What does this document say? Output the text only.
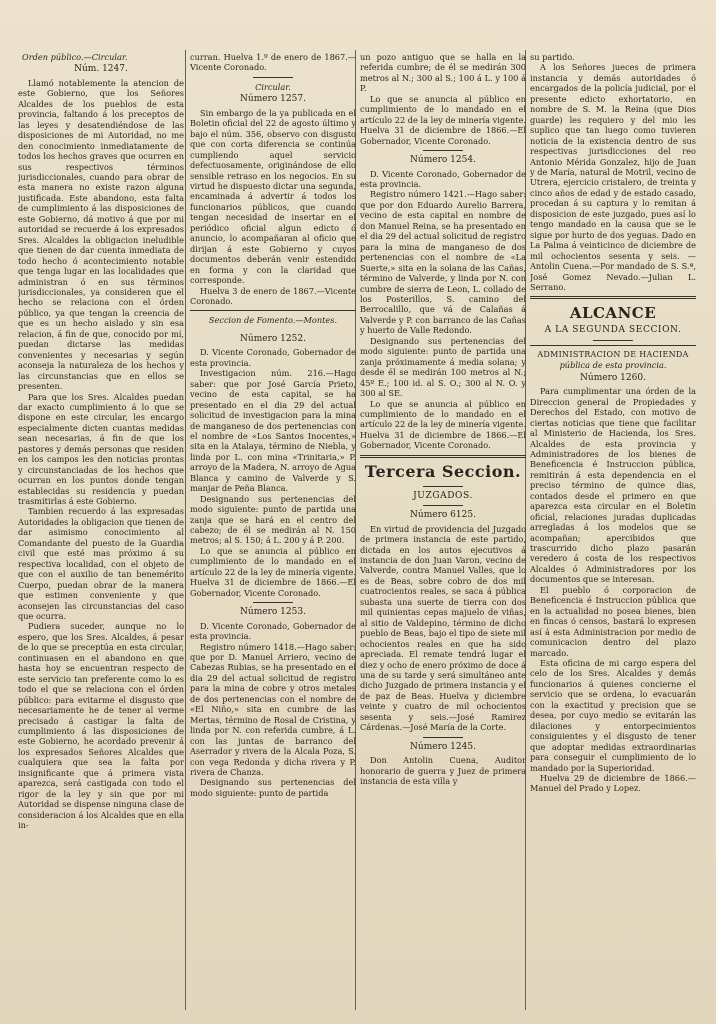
Orden público.—Circular.

Núm. 1247.

Llamó notablemente la atencion de este Gobierno, que los Señores Alcaldes de los pueblos de esta provincia, faltando á los preceptos de las leyes y desatendiéndose de las disposiciones de mi Autoridad, no me den conocimiento inmediatamente de todos los hechos graves que ocurren en sus respectivos términos jurisdiccionales, cuando para obrar de esta manera no existe razon alguna justificada. Este abandono, esta falta de cumplimiento á las disposiciones de este Gobierno, dá motivo á que por mi autoridad se recuerde á los expresados Sres. Alcaldes la obligacion ineludible que tienen de dar cuenta inmediata de todo hecho ó acontecimiento notable que tenga lugar en las localidades que administran ó en sus términos jurisdiccionales, ya consideren que el hecho se relaciona con el órden público, ya que tengan la creencia de que es un hecho aislado y sin esa relacion, á fin de que, conocido por mí, puedan dictarse las medidas convenientes y necesarias y según aconseja la naturaleza de los hechos y las circunstancias que en ellos se presenten.

Para que los Sres. Alcaldes puedan dar exacto cumplimiento á lo que se dispone en este circular, les encargo especialmente dicten cuantas medidas sean necesarias, á fin de que los pastores y demás personas que residen en los campos les den noticias prontas y circunstanciadas de los hechos que ocurran en los puntos donde tengan establecidas su residencia y puedan trasmitirlas á este Gobierno.

Tambien recuerdo á las expresadas Autoridades la obligacion que tienen de dar asimismo conocimiento al Comandante del puesto de la Guardia civil que esté mas próximo á su respectiva localidad, con el objeto de que con el auxilio de tan benemérito Cuerpo, puedan obrar de la manera que estimen conveniente y que aconsejen las circunstancias del caso que ocurra.

Pudiera suceder, aunque no lo espero, que los Sres. Alcaldes, á pesar de lo que se preceptúa en esta circular, continuasen en el abandono en que hasta hoy se encuentran respecto de este servicio tan preferente como lo es todo el que se relaciona con el órden público: para evitarme el disgusto que necesariamente he de tener al verme precisado á castigar la falta de cumplimiento á las disposiciones de este Gobierno, he acordado prevenir á los expresados Señores Alcaldes que cualquiera que sea la falta por insignificante que á primera vista aparezca, será castigada con todo el rigor de la ley y sin que por mi Autoridad se dispense ninguna clase de consideracion á los Alcaldes que en ella in-

curran. Huelva 1.º de enero de 1867.—Vicente Coronado.

Circular.
Número 1257.

Sin embargo de la ya publicada en el Boletin oficial del 22 de agosto último y bajo el núm. 356, observo con disgusto que con corta diferencia se continúa cumpliendo aquel servicio defectuosamente, originándose de ello sensible retraso en los negocios. En su virtud he dispuesto dictar una segunda, encaminada á advertir á todos los funcionarios públicos, que cuando tengan necesidad de insertar en el periódico oficial algun edicto ó anuncio, lo acompañaran al oficio que dirijan á este Gobierno y cuyos documentos deberán venir estendido en forma y con la claridad que corresponde.

Huelva 3 de enero de 1867.—Vicente Coronado.

Seccion de Fomento.—Montes.
Número 1252.

D. Vicente Coronado, Gobernador de esta provincia.

Investigacion núm. 216.—Hago saber: que por José García Prieto, vecino de esta capital, se ha presentado en el dia 29 del actual solicitud de investigacion para la mina de manganeso de dos pertenencias con el nombre de «Los Santos Inocentes,» sita en la Atalaya, término de Niebla, y linda por L. con mina «Trinitaria,» P. arroyo de la Madera, N. arroyo de Agua Blanca y camino de Valverde y S. manjar de Peña Blanca.

Designando sus pertenencias del modo siguiente: punto de partida una zanja que se hará en el centro del cabezo; de él se medirán al N. 150 metros; al S. 150; á L. 200 y á P. 200.

Lo que se anuncia al público en cumplimiento de lo mandado en el artículo 22 de la ley de minería vigente. Huelva 31 de diciembre de 1866.—El Gobernador, Vicente Coronado.

Número 1253.

D. Vicente Coronado, Gobernador de esta provincia.

Registro número 1418.—Hago saber: que por D. Manuel Arriero, vecino de Cabezas Rubias, se ha presentado en el dia 29 del actual solicitud de registro para la mina de cobre y otros metales de dos pertenencias con el nombre de «El Niño,» sita en cumbre de las Mertas, término de Rosal de Cristina, y linda por N. con referida cumbre, á L. con las juntas de barranco del Aserrador y rivera de la Alcala Poza, S. con vega Redonda y dicha rivera y P. rivera de Chanza.

Designando sus pertenencias del modo siguiente: punto de partida

un pozo antiguo que se halla en la referida cumbre; de él se medirán 300 metros al N.; 300 al S.; 100 á L. y 100 á P.

Lo que se anuncia al público en cumplimiento de lo mandado en el artículo 22 de la ley de minería vigente. Huelva 31 de diciembre de 1866.—El Gobernador, Vicente Coronado.

Número 1254.

D. Vicente Coronado, Gobernador de esta provincia.

Registro número 1421.—Hago saber: que por don Eduardo Aurelio Barrera, vecino de esta capital en nombre de don Manuel Reina, se ha presentado en el dia 29 del actual solicitud de registro para la mina de manganeso de dos pertenencias con el nombre de «La Suerte,» sita en la solana de las Cañas, término de Valverde, y linda por N. con cumbre de sierra de Leon, L. collado de los Posterillos, S. camino del Berrocalillo, que vá de Calañas á Valverde y P. con barranco de las Cañas y huerto de Valle Redondo.

Designando sus pertenencias del modo siguiente: punto de partida una zanja próximamente á media solana; y desde él se medirán 100 metros al N.; 45º E.; 100 id. al S. O.; 300 al N. O. y 300 al SE.

Lo que se anuncia al público en cumplimiento de lo mandado en el artículo 22 de la ley de minería vigente. Huelva 31 de diciembre de 1866.—El Gobernador, Vicente Coronado.

Tercera Seccion.
JUZGADOS.
Número 6125.

En virtud de providencia del Juzgado de primera instancia de este partido, dictada en los autos ejecutivos á instancia de don Juan Varon, vecino de Valverde, contra Manuel Valles, que lo es de Beas, sobre cobro de dos mil cuatrocientos reales, se saca á pública subasta una suerte de tierra con dos mil quinientas cepas majuelo de viñas, al sitio de Valdepino, término de dicho pueblo de Beas, bajo el tipo de siete mil ochocientos reales en que ha sido apreciada. El remate tendrá lugar el diez y ocho de enero próximo de doce á una de su tarde y será simultáneo ante dicho Juzgado de primera instancia y el de paz de Beas. Huelva y diciembre veinte y cuatro de mil ochocientos sesenta y seis.—José Ramirez Cárdenas.—José María de la Corte.

Número 1245.

Don Antolin Cuena, Auditor honorario de guerra y Juez de primera instancia de esta villa y

su partido.

A los Señores jueces de primera instancia y demás autoridades ó encargados de la policía judicial, por el presente edicto exhortatorio, en nombre de S. M. la Reina (que Dios guarde) les requiero y del mio les suplico que tan luego como tuvieren noticia de la existencia dentro de sus respectivas jurisdicciones del reo Antonio Mérida Gonzalez, hijo de Juan y de María, natural de Motril, vecino de Utrera, ejercicio cristalero, de treinta y cinco años de edad y de estado casado, procedan á su captura y lo remitan á disposicion de este juzgado, pues así lo tengo mandado en la causa que se le sigue por hurto de dos yeguas. Dado en La Palma á veinticinco de diciembre de mil ochocientos sesenta y seis. —Antolin Cuena.—Por mandado de S. S.ª, José Gomez Nevado.—Julian L. Serrano.

ALCANCE
A LA SEGUNDA SECCION.
ADMINISTRACION DE HACIENDA
pública de esta provincia.
Número 1260.

Para cumplimentar una órden de la Direccion general de Propiedades y Derechos del Estado, con motivo de ciertas noticias que tiene que facilitar al Ministerio de Hacienda, los Sres. Alcaldes de esta provincia y Administradores de los bienes de Beneficencia é Instruccion pública, remitirán á esta dependencia en el preciso término de quince dias, contados desde el primero en que aparezca esta circular en el Boletin oficial, relaciones juradas duplicadas arregladas á los modelos que se acompañan; apercibidos que trascurrido dicho plazo pasarán veredero á costa de los respectivos Alcaldes ó Administradores por los documentos que se interesan.

El pueblo ó corporacion de Beneficencia é Instruccion pública que en la actualidad no posea bienes, bien en fincas ó censos, bastará lo expresen así á esta Administracion por medio de comunicacion dentro del plazo marcado.

Esta oficina de mi cargo espera del celo de los Sres. Alcaldes y demás funcionarios á quienes concierne el servicio que se ordena, lo evacuarán con la exactitud y precision que se desea, por cuyo medio se evitarán las dilaciones y entorpecimientos consiguientes y el disgusto de tener que adoptar medidas extraordinarias para conseguir el cumplimiento de lo mandado por la Superioridad.

Huelva 29 de diciembre de 1866.—Manuel del Prado y Lopez.
